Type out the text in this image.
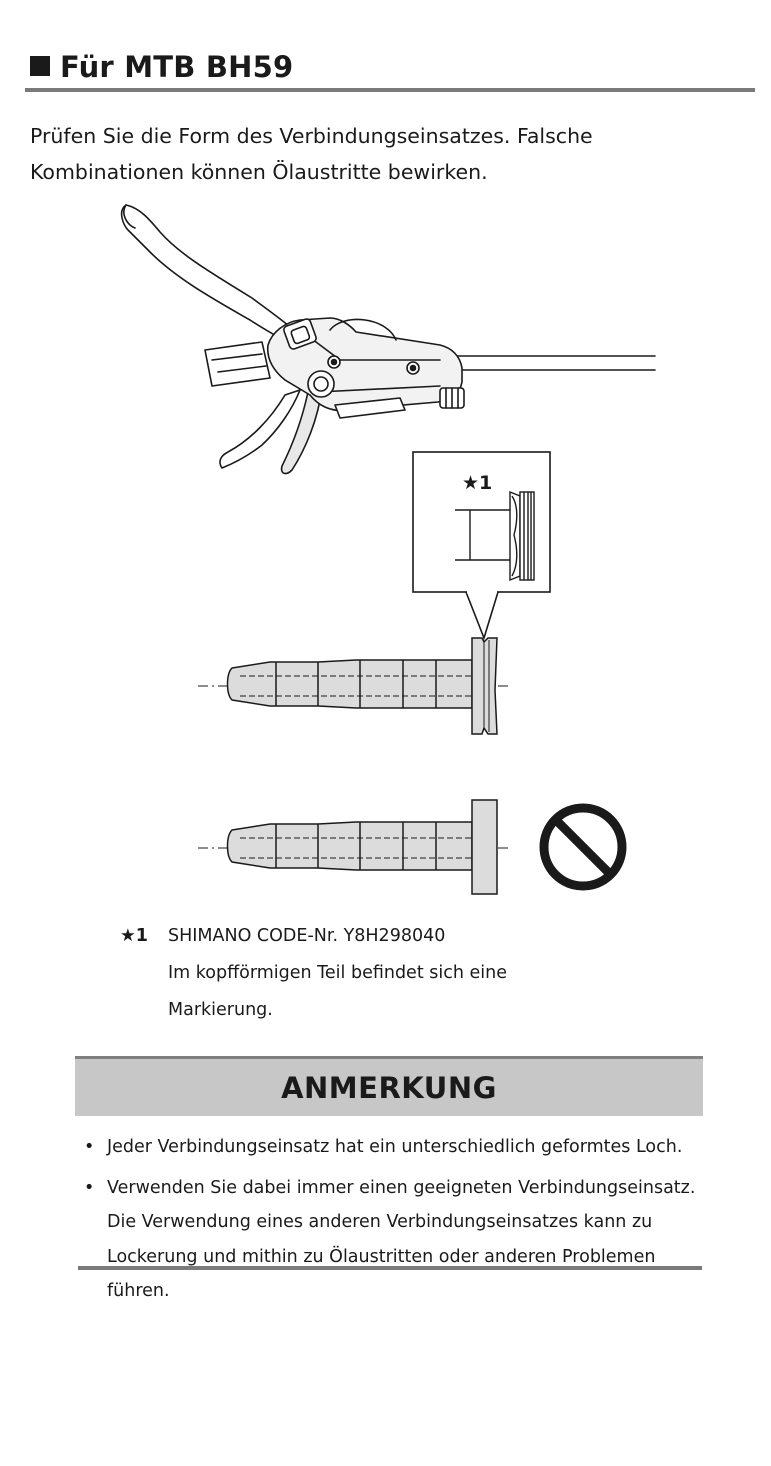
Für MTB BH59
Prüfen Sie die Form des Verbindungseinsatzes. Falsche Kombinationen können Ölaustritte bewirken.
★1
★1 SHIMANO CODE-Nr. Y8H298040
Im kopfförmigen Teil befindet sich eine Markierung.
ANMERKUNG
• Jeder Verbindungseinsatz hat ein unterschiedlich geformtes Loch.
• Verwenden Sie dabei immer einen geeigneten Verbindungseinsatz.
Die Verwendung eines anderen Verbindungseinsatzes kann zu Lockerung und mithin zu Ölaustritten oder anderen Problemen führen.
